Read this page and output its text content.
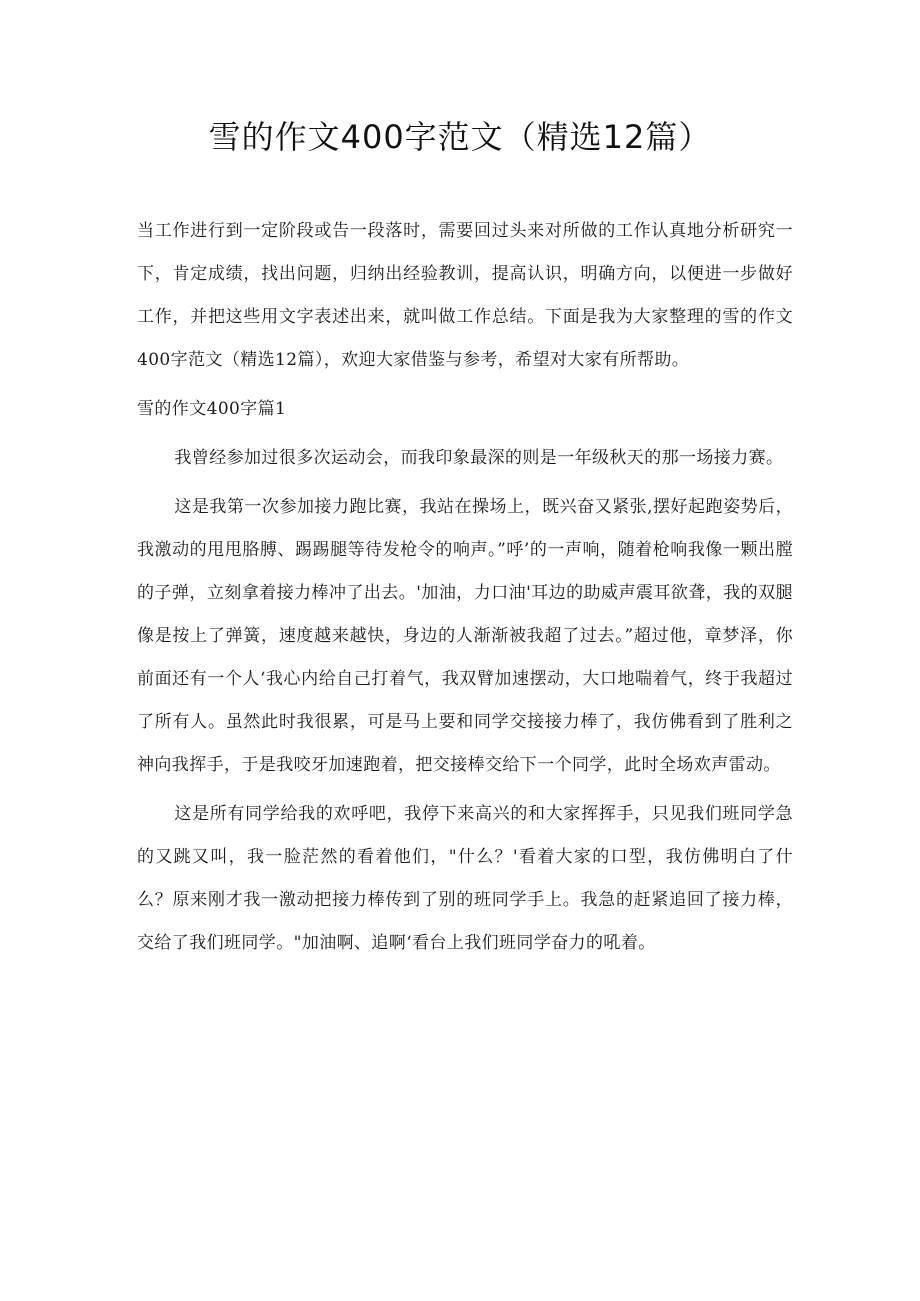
雪的作文400字范文（精选12篇）

当工作进行到一定阶段或告一段落时，需要回过头来对所做的工作认真地分析研究一下，肯定成绩，找出问题，归纳出经验教训，提高认识，明确方向，以便进一步做好工作，并把这些用文字表述出来，就叫做工作总结。下面是我为大家整理的雪的作文400字范文（精选12篇），欢迎大家借鉴与参考，希望对大家有所帮助。

雪的作文400字篇1

我曾经参加过很多次运动会，而我印象最深的则是一年级秋天的那一场接力赛。

这是我第一次参加接力跑比赛，我站在操场上，既兴奋又紧张,摆好起跑姿势后，我激动的甩甩胳膊、踢踢腿等待发枪令的响声。”呼’的一声响，随着枪响我像一颗出膛的子弹，立刻拿着接力棒冲了出去。'加油，力口油'耳边的助威声震耳欲聋，我的双腿像是按上了弹簧，速度越来越快，身边的人渐渐被我超了过去。”超过他，章梦泽，你前面还有一个人‘我心内给自己打着气，我双臂加速摆动，大口地喘着气，终于我超过了所有人。虽然此时我很累，可是马上要和同学交接接力棒了，我仿佛看到了胜利之神向我挥手，于是我咬牙加速跑着，把交接棒交给下一个同学，此时全场欢声雷动。

这是所有同学给我的欢呼吧，我停下来高兴的和大家挥挥手，只见我们班同学急的又跳又叫，我一脸茫然的看着他们，"什么？'看着大家的口型，我仿佛明白了什么？原来刚才我一激动把接力棒传到了别的班同学手上。我急的赶紧追回了接力棒，交给了我们班同学。"加油啊、追啊‘看台上我们班同学奋力的吼着。
